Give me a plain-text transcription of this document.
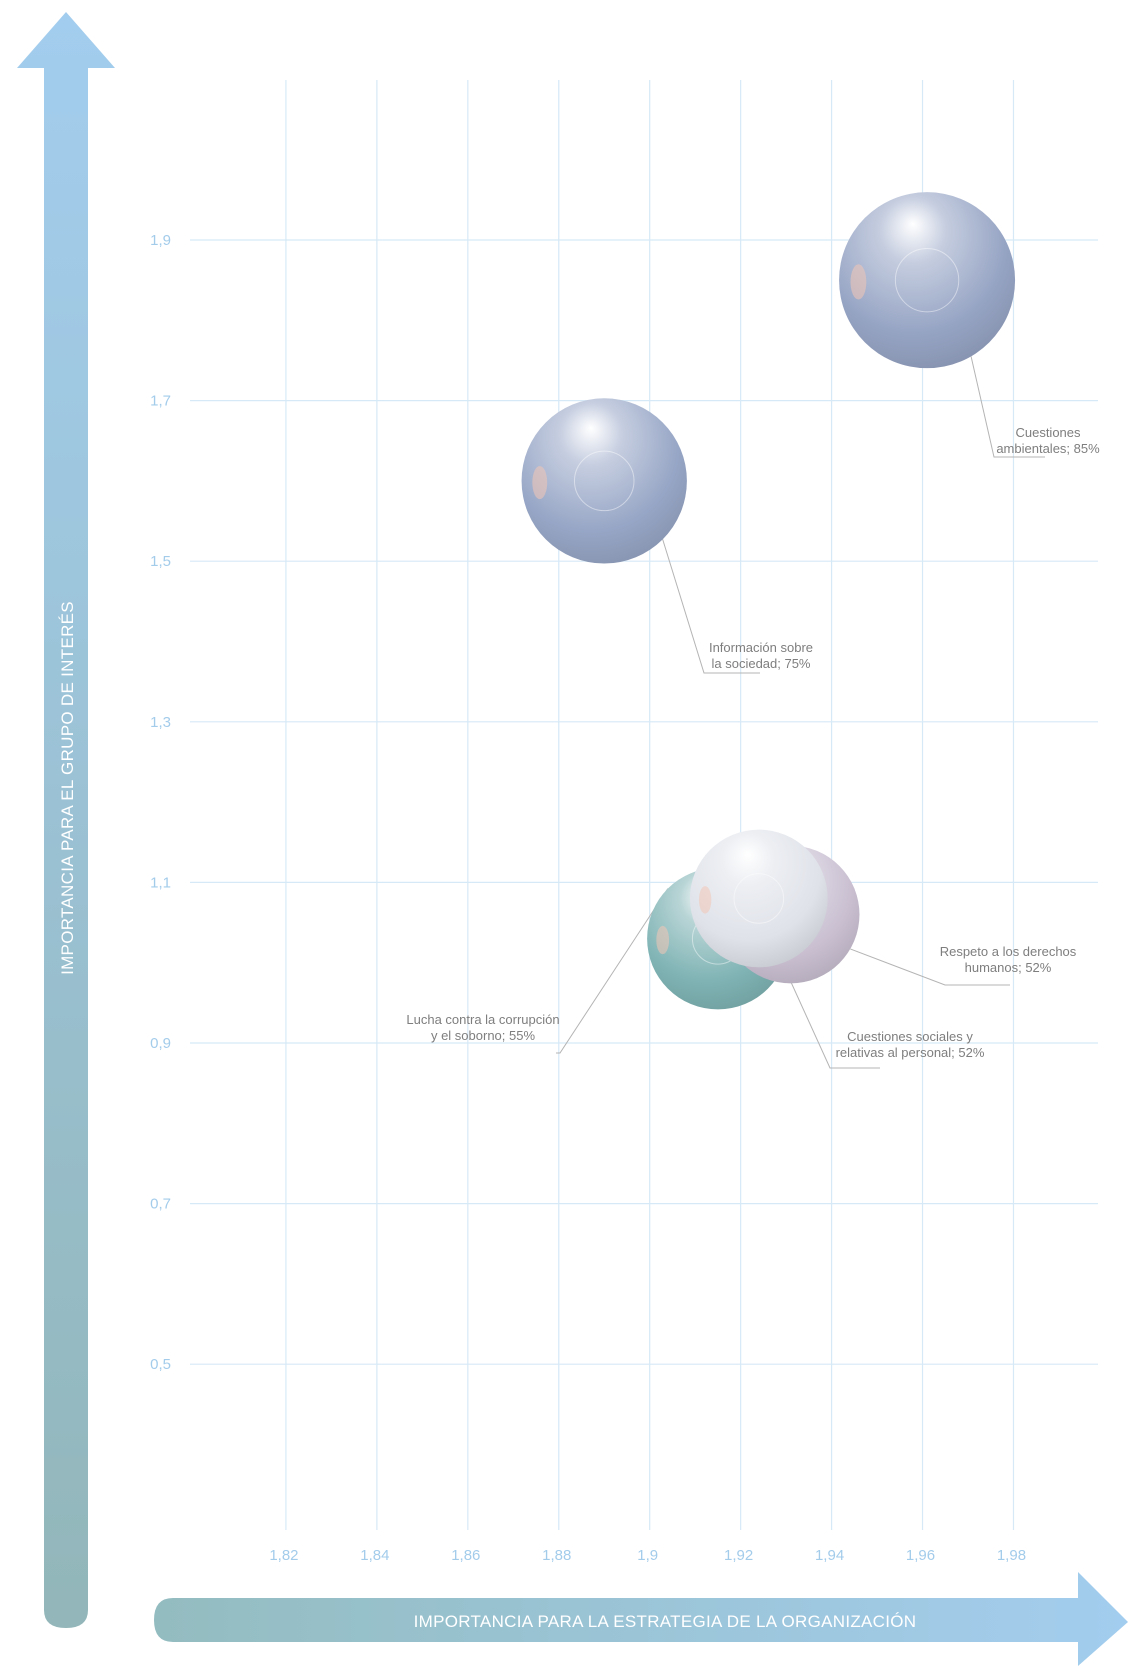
IMPORTANCIA PARA EL GRUPO DE INTERÉS
IMPORTANCIA PARA LA ESTRATEGIA DE LA ORGANIZACIÓN
1,82	1,84	1,86	1,88	1,9	1,92	1,94	1,96	1,98
1,9
1,7
1,5
1,3
1,1
0,9
0,7
0,5
Lucha contra la corrupción y el soborno; 55%
Respeto a los derechos humanos; 52%
Cuestiones sociales y relativas al personal; 52%
Información sobre la sociedad; 75%
Cuestiones ambientales; 85%
